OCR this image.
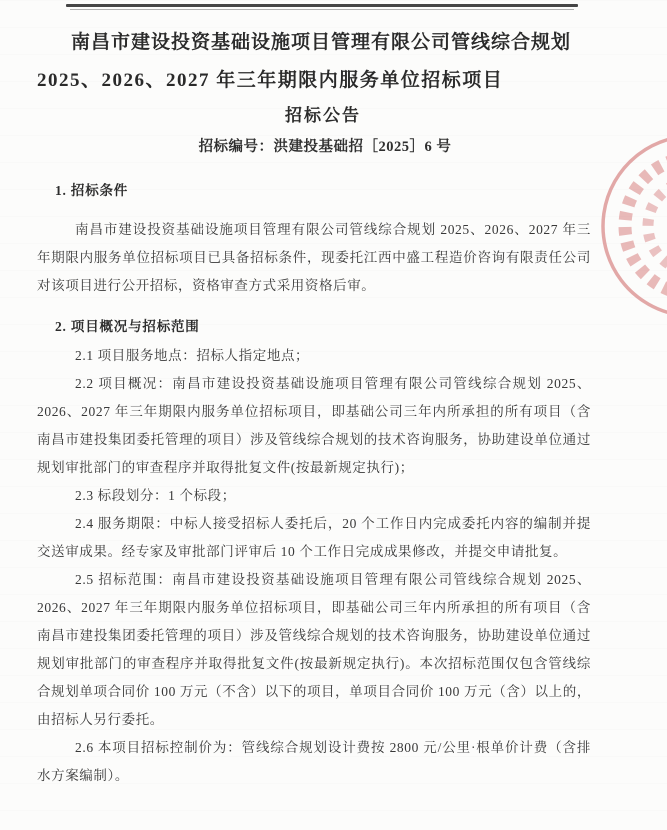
南昌市建设投资基础设施项目管理有限公司管线综合规划
2025、2026、2027 年三年期限内服务单位招标项目
招标公告
招标编号：洪建投基础招［2025］6 号
1. 招标条件

南昌市建设投资基础设施项目管理有限公司管线综合规划 2025、2026、2027 年三年期限内服务单位招标项目已具备招标条件，现委托江西中盛工程造价咨询有限责任公司对该项目进行公开招标，资格审查方式采用资格后审。

2. 项目概况与招标范围

2.1 项目服务地点：招标人指定地点；

2.2 项目概况：南昌市建设投资基础设施项目管理有限公司管线综合规划 2025、2026、2027 年三年期限内服务单位招标项目，即基础公司三年内所承担的所有项目（含南昌市建投集团委托管理的项目）涉及管线综合规划的技术咨询服务，协助建设单位通过规划审批部门的审查程序并取得批复文件(按最新规定执行)；

2.3 标段划分：1 个标段；

2.4 服务期限：中标人接受招标人委托后，20 个工作日内完成委托内容的编制并提交送审成果。经专家及审批部门评审后 10 个工作日完成成果修改，并提交申请批复。

2.5 招标范围：南昌市建设投资基础设施项目管理有限公司管线综合规划 2025、2026、2027 年三年期限内服务单位招标项目，即基础公司三年内所承担的所有项目（含南昌市建投集团委托管理的项目）涉及管线综合规划的技术咨询服务，协助建设单位通过规划审批部门的审查程序并取得批复文件(按最新规定执行)。本次招标范围仅包含管线综合规划单项合同价 100 万元（不含）以下的项目，单项目合同价 100 万元（含）以上的，由招标人另行委托。

2.6 本项目招标控制价为：管线综合规划设计费按 2800 元/公里·根单价计费（含排水方案编制）。
